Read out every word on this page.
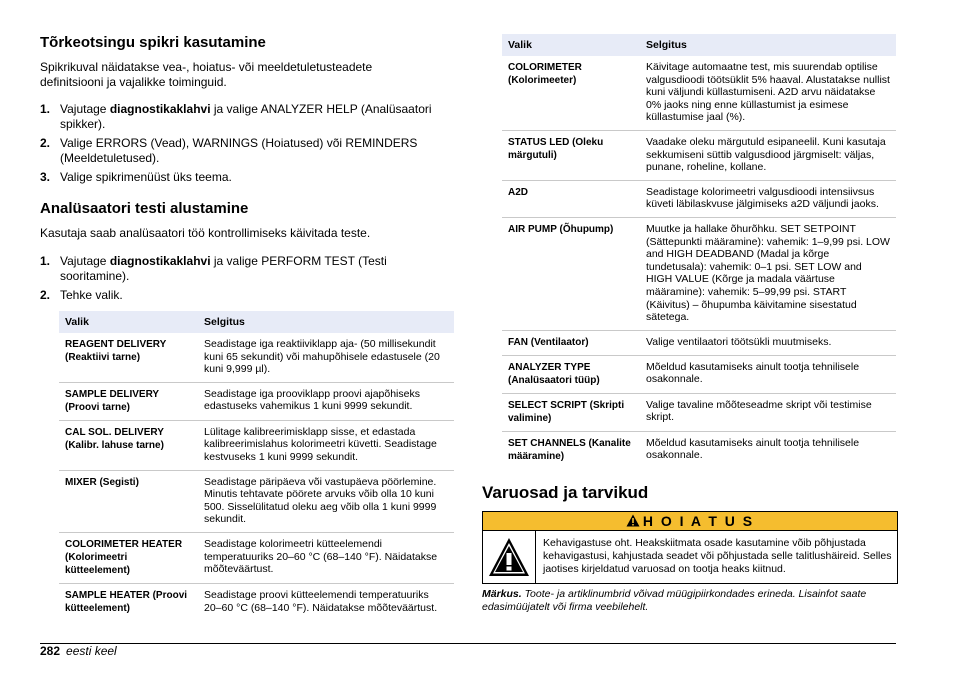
Tõrkeotsingu spikri kasutamine

Spikrikuval näidatakse vea-, hoiatus- või meeldetuletusteadete definitsiooni ja vajalikke toiminguid.

1. Vajutage diagnostikaklahvi ja valige ANALYZER HELP (Analüsaatori spikker).
2. Valige ERRORS (Vead), WARNINGS (Hoiatused) või REMINDERS (Meeldetuletused).
3. Valige spikrimenüüst üks teema.
Analüsaatori testi alustamine

Kasutaja saab analüsaatori töö kontrollimiseks käivitada teste.

1. Vajutage diagnostikaklahvi ja valige PERFORM TEST (Testi sooritamine).
2. Tehke valik.
Valik	Selgitus
REAGENT DELIVERY (Reaktiivi tarne)	Seadistage iga reaktiiviklapp aja- (50 millisekundit kuni 65 sekundit) või mahupõhisele edastusele (20 kuni 9,999 µl).
SAMPLE DELIVERY (Proovi tarne)	Seadistage iga prooviklapp proovi ajapõhiseks edastuseks vahemikus 1 kuni 9999 sekundit.
CAL SOL. DELIVERY (Kalibr. lahuse tarne)	Lülitage kalibreerimisklapp sisse, et edastada kalibreerimislahus kolorimeetri küvetti. Seadistage kestvuseks 1 kuni 9999 sekundit.
MIXER (Segisti)	Seadistage päripäeva või vastupäeva pöörlemine. Minutis tehtavate pöörete arvuks võib olla 10 kuni 500. Sisselülitatud oleku aeg võib olla 1 kuni 9999 sekundit.
COLORIMETER HEATER (Kolorimeetri kütteelement)	Seadistage kolorimeetri kütteelemendi temperatuuriks 20–60 °C (68–140 °F). Näidatakse mõõteväärtust.
SAMPLE HEATER (Proovi kütteelement)	Seadistage proovi kütteelemendi temperatuuriks 20–60 °C (68–140 °F). Näidatakse mõõteväärtust.
Valik	Selgitus
COLORIMETER (Kolorimeeter)	Käivitage automaatne test, mis suurendab optilise valgusdioodi töötsüklit 5% haaval. Alustatakse nullist kuni väljundi küllastumiseni. A2D arvu näidatakse 0% jaoks ning enne küllastumist ja esimese küllastumise jaal (%).
STATUS LED (Oleku märgutuli)	Vaadake oleku märgutuld esipaneelil. Kuni kasutaja sekkumiseni süttib valgusdiood järgmiselt: väljas, punane, roheline, kollane.
A2D	Seadistage kolorimeetri valgusdioodi intensiivsus küveti läbilaskvuse jälgimiseks a2D väljundi jaoks.
AIR PUMP (Õhupump)	Muutke ja hallake õhurõhku. SET SETPOINT (Sättepunkti määramine): vahemik: 1–9,99 psi. LOW and HIGH DEADBAND (Madal ja kõrge tundetusala): vahemik: 0–1 psi. SET LOW and HIGH VALUE (Kõrge ja madala väärtuse määramine): vahemik: 5–99,99 psi. START (Käivitus) – õhupumba käivitamine sisestatud sätetega.
FAN (Ventilaator)	Valige ventilaatori töötsükli muutmiseks.
ANALYZER TYPE (Analüsaatori tüüp)	Mõeldud kasutamiseks ainult tootja tehnilisele osakonnale.
SELECT SCRIPT (Skripti valimine)	Valige tavaline mõõteseadme skript või testimise skript.
SET CHANNELS (Kanalite määramine)	Mõeldud kasutamiseks ainult tootja tehnilisele osakonnale.
Varuosad ja tarvikud
H O I A T U S
Kehavigastuse oht. Heakskiitmata osade kasutamine võib põhjustada kehavigastusi, kahjustada seadet või põhjustada selle talitlushäireid. Selles jaotises kirjeldatud varuosad on tootja heaks kiitnud.
Märkus. Toote- ja artiklinumbrid võivad müügipiirkondades erineda. Lisainfot saate edasimüüjatelt või firma veebilehelt.
282 eesti keel
